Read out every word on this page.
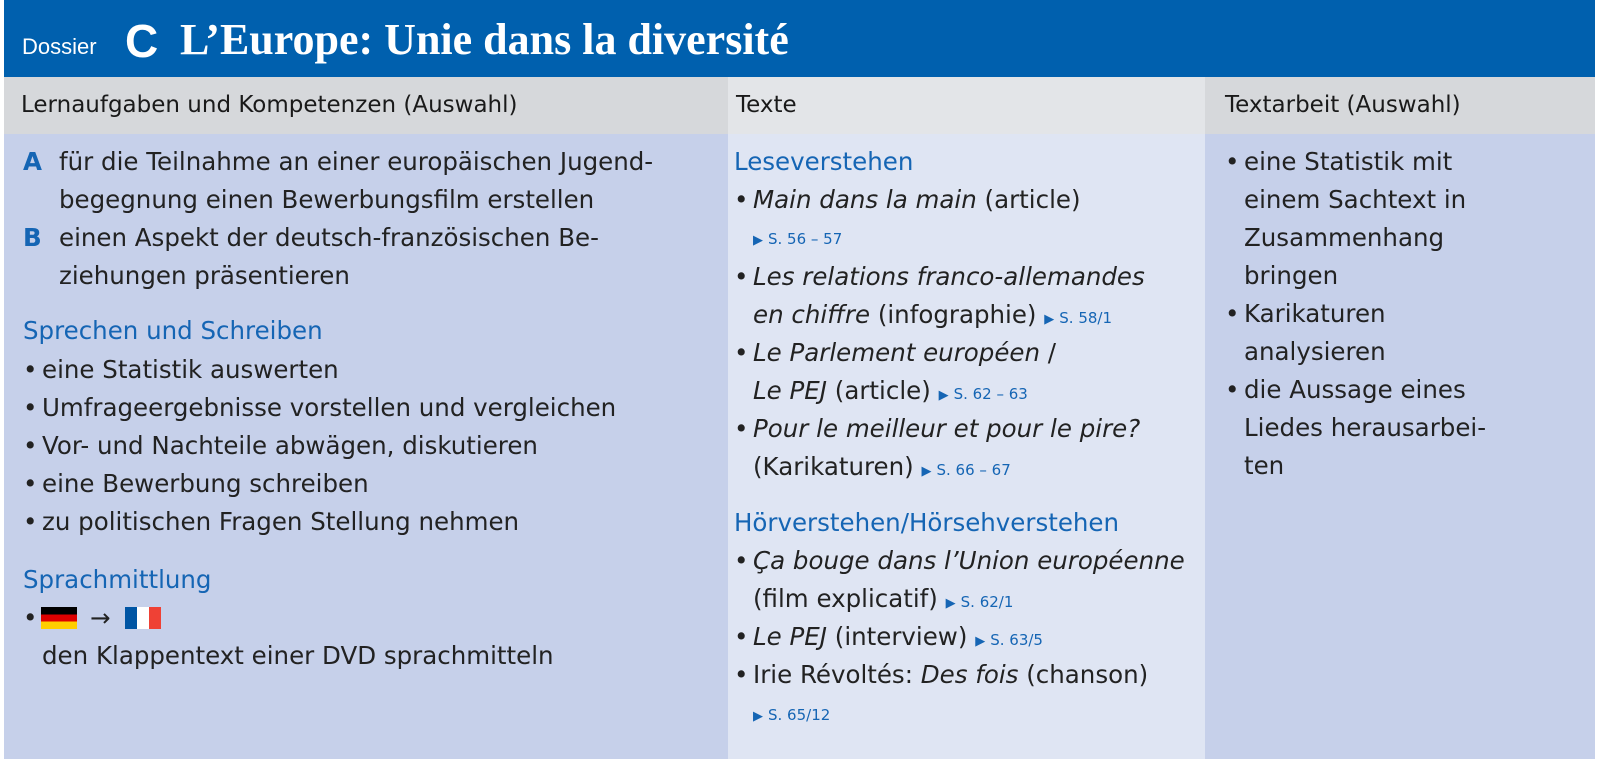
Dossier C L’Europe: Unie dans la diversité
Lernaufgaben und Kompetenzen (Auswahl)	Texte	Textarbeit (Auswahl)
A für die Teilnahme an einer europäischen Jugend-
begegnung einen Bewerbungsfilm erstellen
B einen Aspekt der deutsch-französischen Be-
ziehungen präsentieren
Sprechen und Schreiben
• eine Statistik auswerten
• Umfrageergebnisse vorstellen und vergleichen
• Vor- und Nachteile abwägen, diskutieren
• eine Bewerbung schreiben
• zu politischen Fragen Stellung nehmen
Sprachmittlung
• →
den Klappentext einer DVD sprachmitteln
Leseverstehen
• Main dans la main (article)
▶ S. 56 – 57
• Les relations franco-allemandes
en chiffre (infographie) ▶ S. 58/1
• Le Parlement européen /
Le PEJ (article) ▶ S. 62 – 63
• Pour le meilleur et pour le pire?
(Karikaturen) ▶ S. 66 – 67
Hörverstehen/Hörsehverstehen
• Ça bouge dans l’Union européenne
(film explicatif) ▶ S. 62/1
• Le PEJ (interview) ▶ S. 63/5
• Irie Révoltés: Des fois (chanson)
▶ S. 65/12
• eine Statistik mit
einem Sachtext in
Zusammenhang
bringen
• Karikaturen
analysieren
• die Aussage eines
Liedes herausarbei-
ten
